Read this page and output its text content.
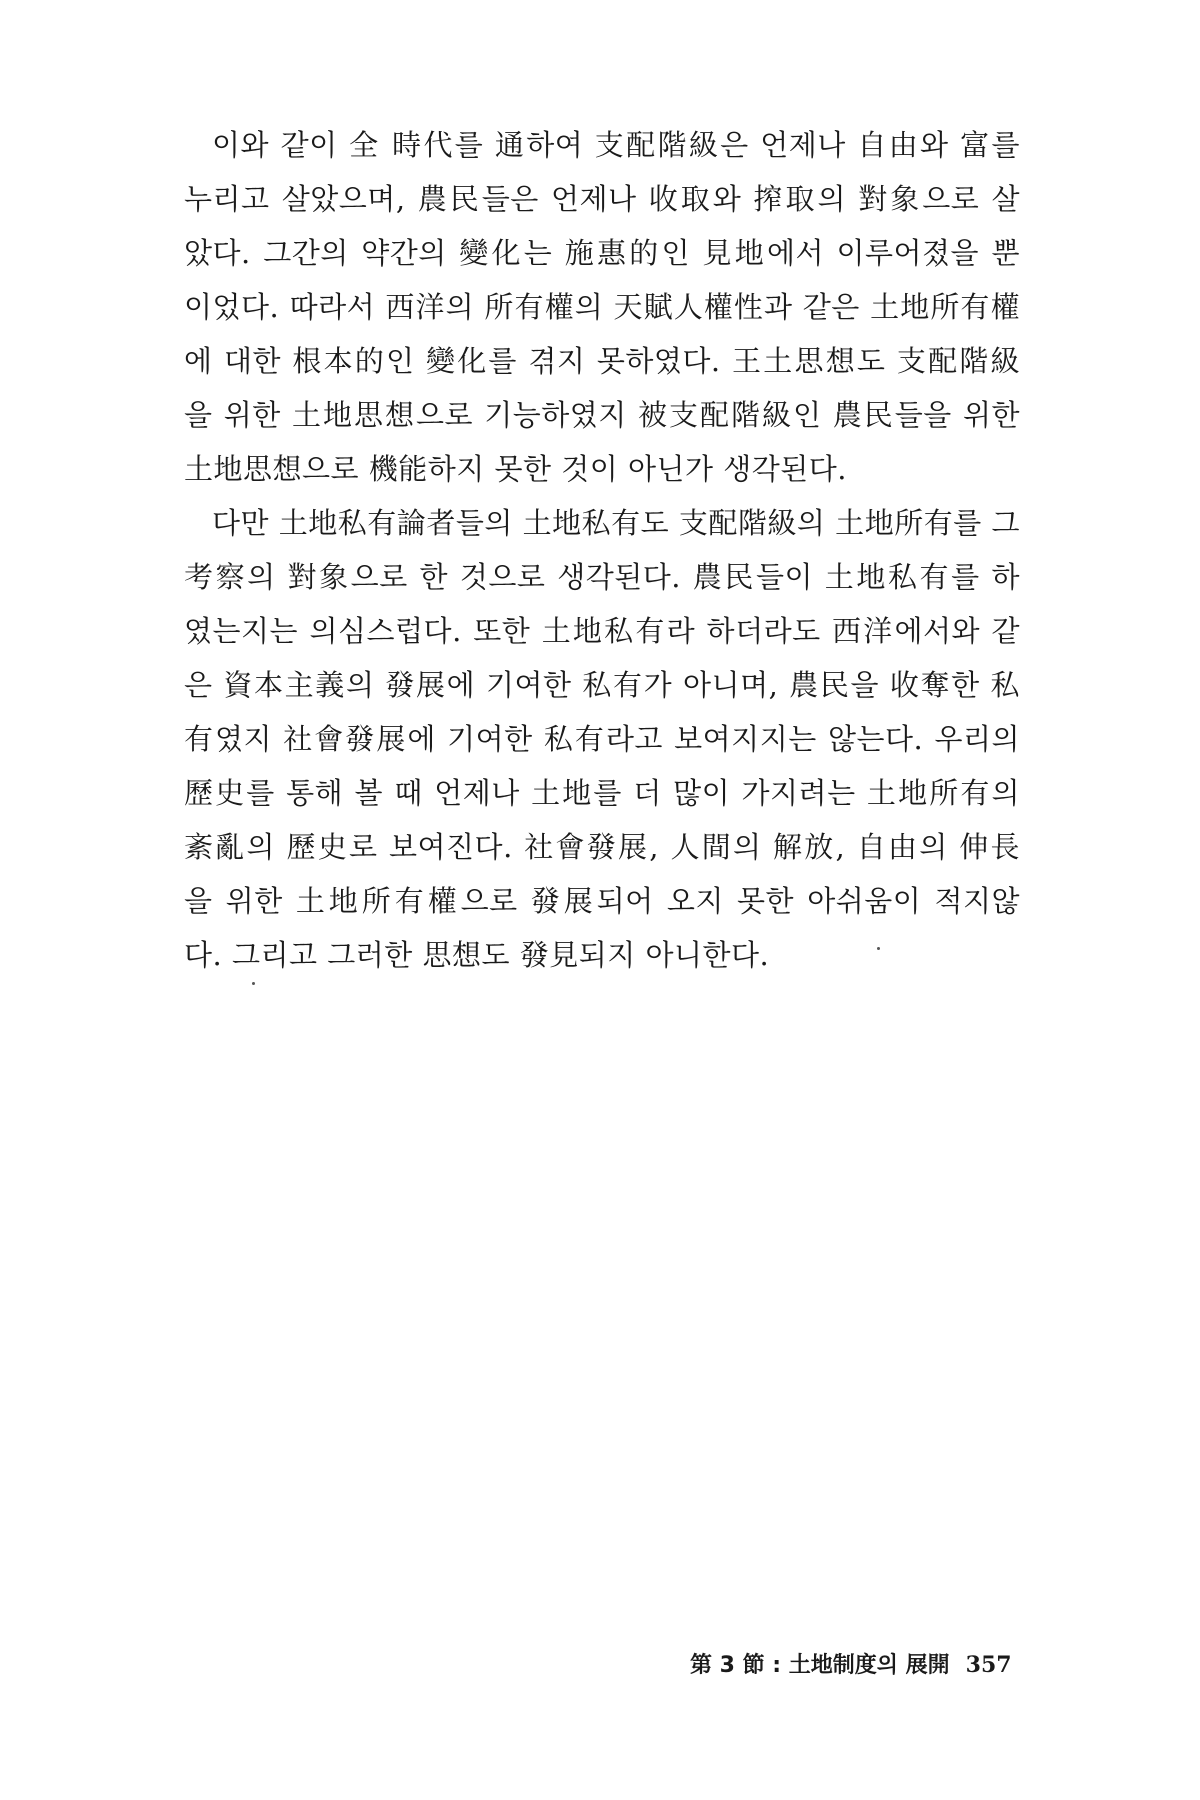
이와 같이 全 時代를 通하여 支配階級은 언제나 自由와 富를
누리고 살았으며, 農民들은 언제나 收取와 搾取의 對象으로 살
았다. 그간의 약간의 變化는 施惠的인 見地에서 이루어졌을 뿐
이었다. 따라서 西洋의 所有權의 天賦人權性과 같은 土地所有權
에 대한 根本的인 變化를 겪지 못하였다. 王土思想도 支配階級
을 위한 土地思想으로 기능하였지 被支配階級인 農民들을 위한
土地思想으로 機能하지 못한 것이 아닌가 생각된다.

다만 土地私有論者들의 土地私有도 支配階級의 土地所有를 그
考察의 對象으로 한 것으로 생각된다. 農民들이 土地私有를 하
였는지는 의심스럽다. 또한 土地私有라 하더라도 西洋에서와 같
은 資本主義의 發展에 기여한 私有가 아니며, 農民을 收奪한 私
有였지 社會發展에 기여한 私有라고 보여지지는 않는다. 우리의
歷史를 통해 볼 때 언제나 土地를 더 많이 가지려는 土地所有의
紊亂의 歷史로 보여진다. 社會發展, 人間의 解放, 自由의 伸長
을 위한 土地所有權으로 發展되어 오지 못한 아쉬움이 적지않
다. 그리고 그러한 思想도 發見되지 아니한다.

第 3 節 : 土地制度의 展開 357
